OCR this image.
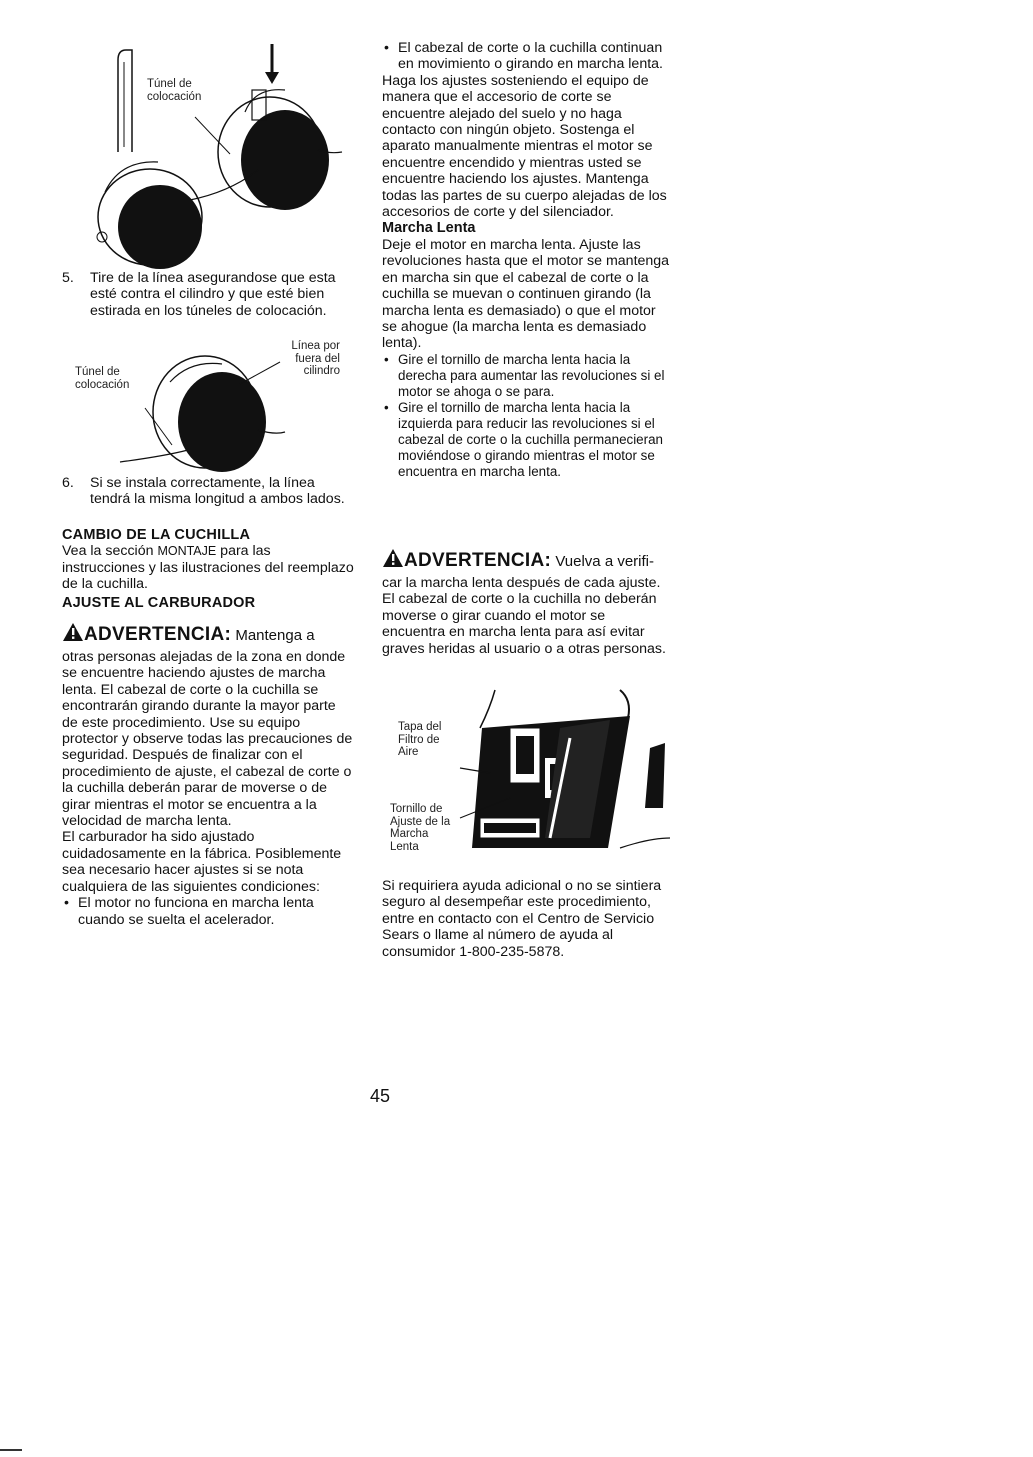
Túnel de colocación
5.	Tire de la línea asegurandose que esta esté contra el cilindro y que esté bien estirada en los túneles de colocación.

Túnel de colocación
Línea por fuera del cilindro
6.	Si se instala correctamente, la línea tendrá la misma longitud a ambos lados.

CAMBIO DE LA CUCHILLA

Vea la sección MONTAJE para las instrucciones y las ilustraciones del reemplazo de la cuchilla.

AJUSTE AL CARBURADOR

ADVERTENCIA: Mantenga a

otras personas alejadas de la zona en donde se encuentre haciendo ajustes de marcha lenta. El cabezal de corte o la cuchilla se encontrarán girando durante la mayor parte de este procedimiento. Use su equipo protector y observe todas las precauciones de seguridad. Después de finalizar con el procedimiento de ajuste, el cabezal de corte o la cuchilla deberán parar de moverse o de girar mientras el motor se encuentra a la velocidad de marcha lenta.

El carburador ha sido ajustado cuidadosamente en la fábrica. Posiblemente sea necesario hacer ajustes si se nota cualquiera de las siguientes condiciones:

• El motor no funciona en marcha lenta cuando se suelta el acelerador.
• El cabezal de corte o la cuchilla continuan en movimiento o girando en marcha lenta.

Haga los ajustes sosteniendo el equipo de manera que el accesorio de corte se encuentre alejado del suelo y no haga contacto con ningún objeto. Sostenga el aparato manualmente mientras el motor se encuentre encendido y mientras usted se encuentre haciendo los ajustes. Mantenga todas las partes de su cuerpo alejadas de los accesorios de corte y del silenciador.

Marcha Lenta

Deje el motor en marcha lenta. Ajuste las revoluciones hasta que el motor se mantenga en marcha sin que el cabezal de corte o la cuchilla se muevan o continuen girando (la marcha lenta es demasiado) o que el motor se ahogue (la marcha lenta es demasiado lenta).

• Gire el tornillo de marcha lenta hacia la derecha para aumentar las revoluciones si el motor se ahoga o se para.
• Gire el tornillo de marcha lenta hacia la izquierda para reducir las revoluciones si el cabezal de corte o la cuchilla permanecieran moviéndose o girando mientras el motor se encuentra en marcha lenta.

ADVERTENCIA: Vuelva a verifi-

car la marcha lenta después de cada ajuste. El cabezal de corte o la cuchilla no deberán moverse o girar cuando el motor se encuentra en marcha lenta para así evitar graves heridas al usuario o a otras personas.

Tapa del Filtro de Aire
Tornillo de Ajuste de la Marcha Lenta

Si requiriera ayuda adicional o no se sintiera seguro al desempeñar este procedimiento, entre en contacto con el Centro de Servicio Sears o llame al número de ayuda al consumidor 1-800-235-5878.

45
